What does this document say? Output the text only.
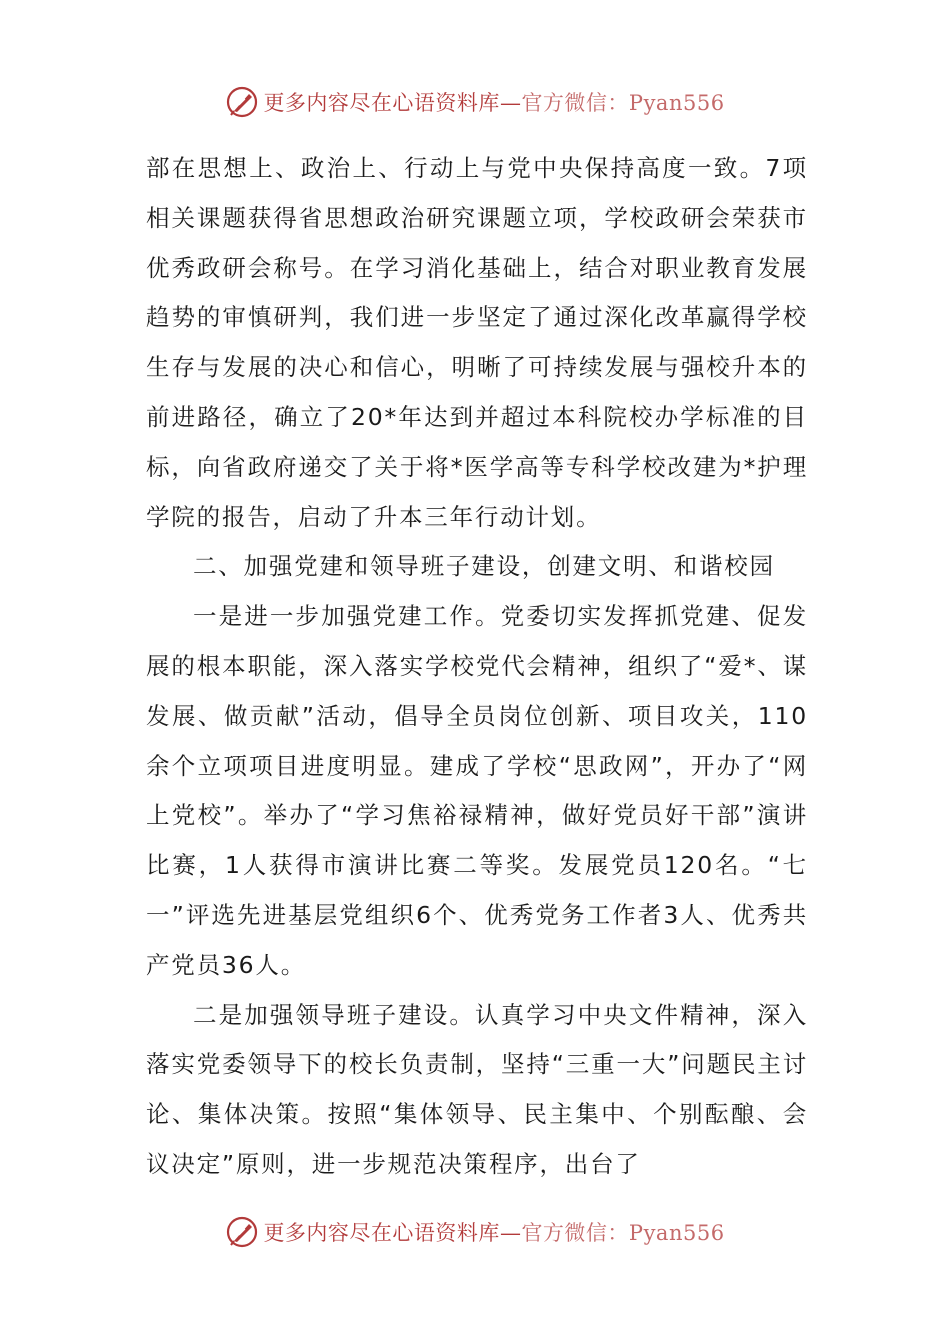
更多内容尽在心语资料库—官方微信：Pyan556

部在思想上、政治上、行动上与党中央保持高度一致。7项相关课题获得省思想政治研究课题立项，学校政研会荣获市优秀政研会称号。在学习消化基础上，结合对职业教育发展趋势的审慎研判，我们进一步坚定了通过深化改革赢得学校生存与发展的决心和信心，明晰了可持续发展与强校升本的前进路径，确立了20*年达到并超过本科院校办学标准的目标，向省政府递交了关于将*医学高等专科学校改建为*护理学院的报告，启动了升本三年行动计划。

二、加强党建和领导班子建设，创建文明、和谐校园

一是进一步加强党建工作。党委切实发挥抓党建、促发展的根本职能，深入落实学校党代会精神，组织了“爱*、谋发展、做贡献”活动，倡导全员岗位创新、项目攻关，110余个立项项目进度明显。建成了学校“思政网”，开办了“网上党校”。举办了“学习焦裕禄精神，做好党员好干部”演讲比赛，1人获得市演讲比赛二等奖。发展党员120名。“七一”评选先进基层党组织6个、优秀党务工作者3人、优秀共产党员36人。

二是加强领导班子建设。认真学习中央文件精神，深入落实党委领导下的校长负责制，坚持“三重一大”问题民主讨论、集体决策。按照“集体领导、民主集中、个别酝酿、会议决定”原则，进一步规范决策程序，出台了

更多内容尽在心语资料库—官方微信：Pyan556
